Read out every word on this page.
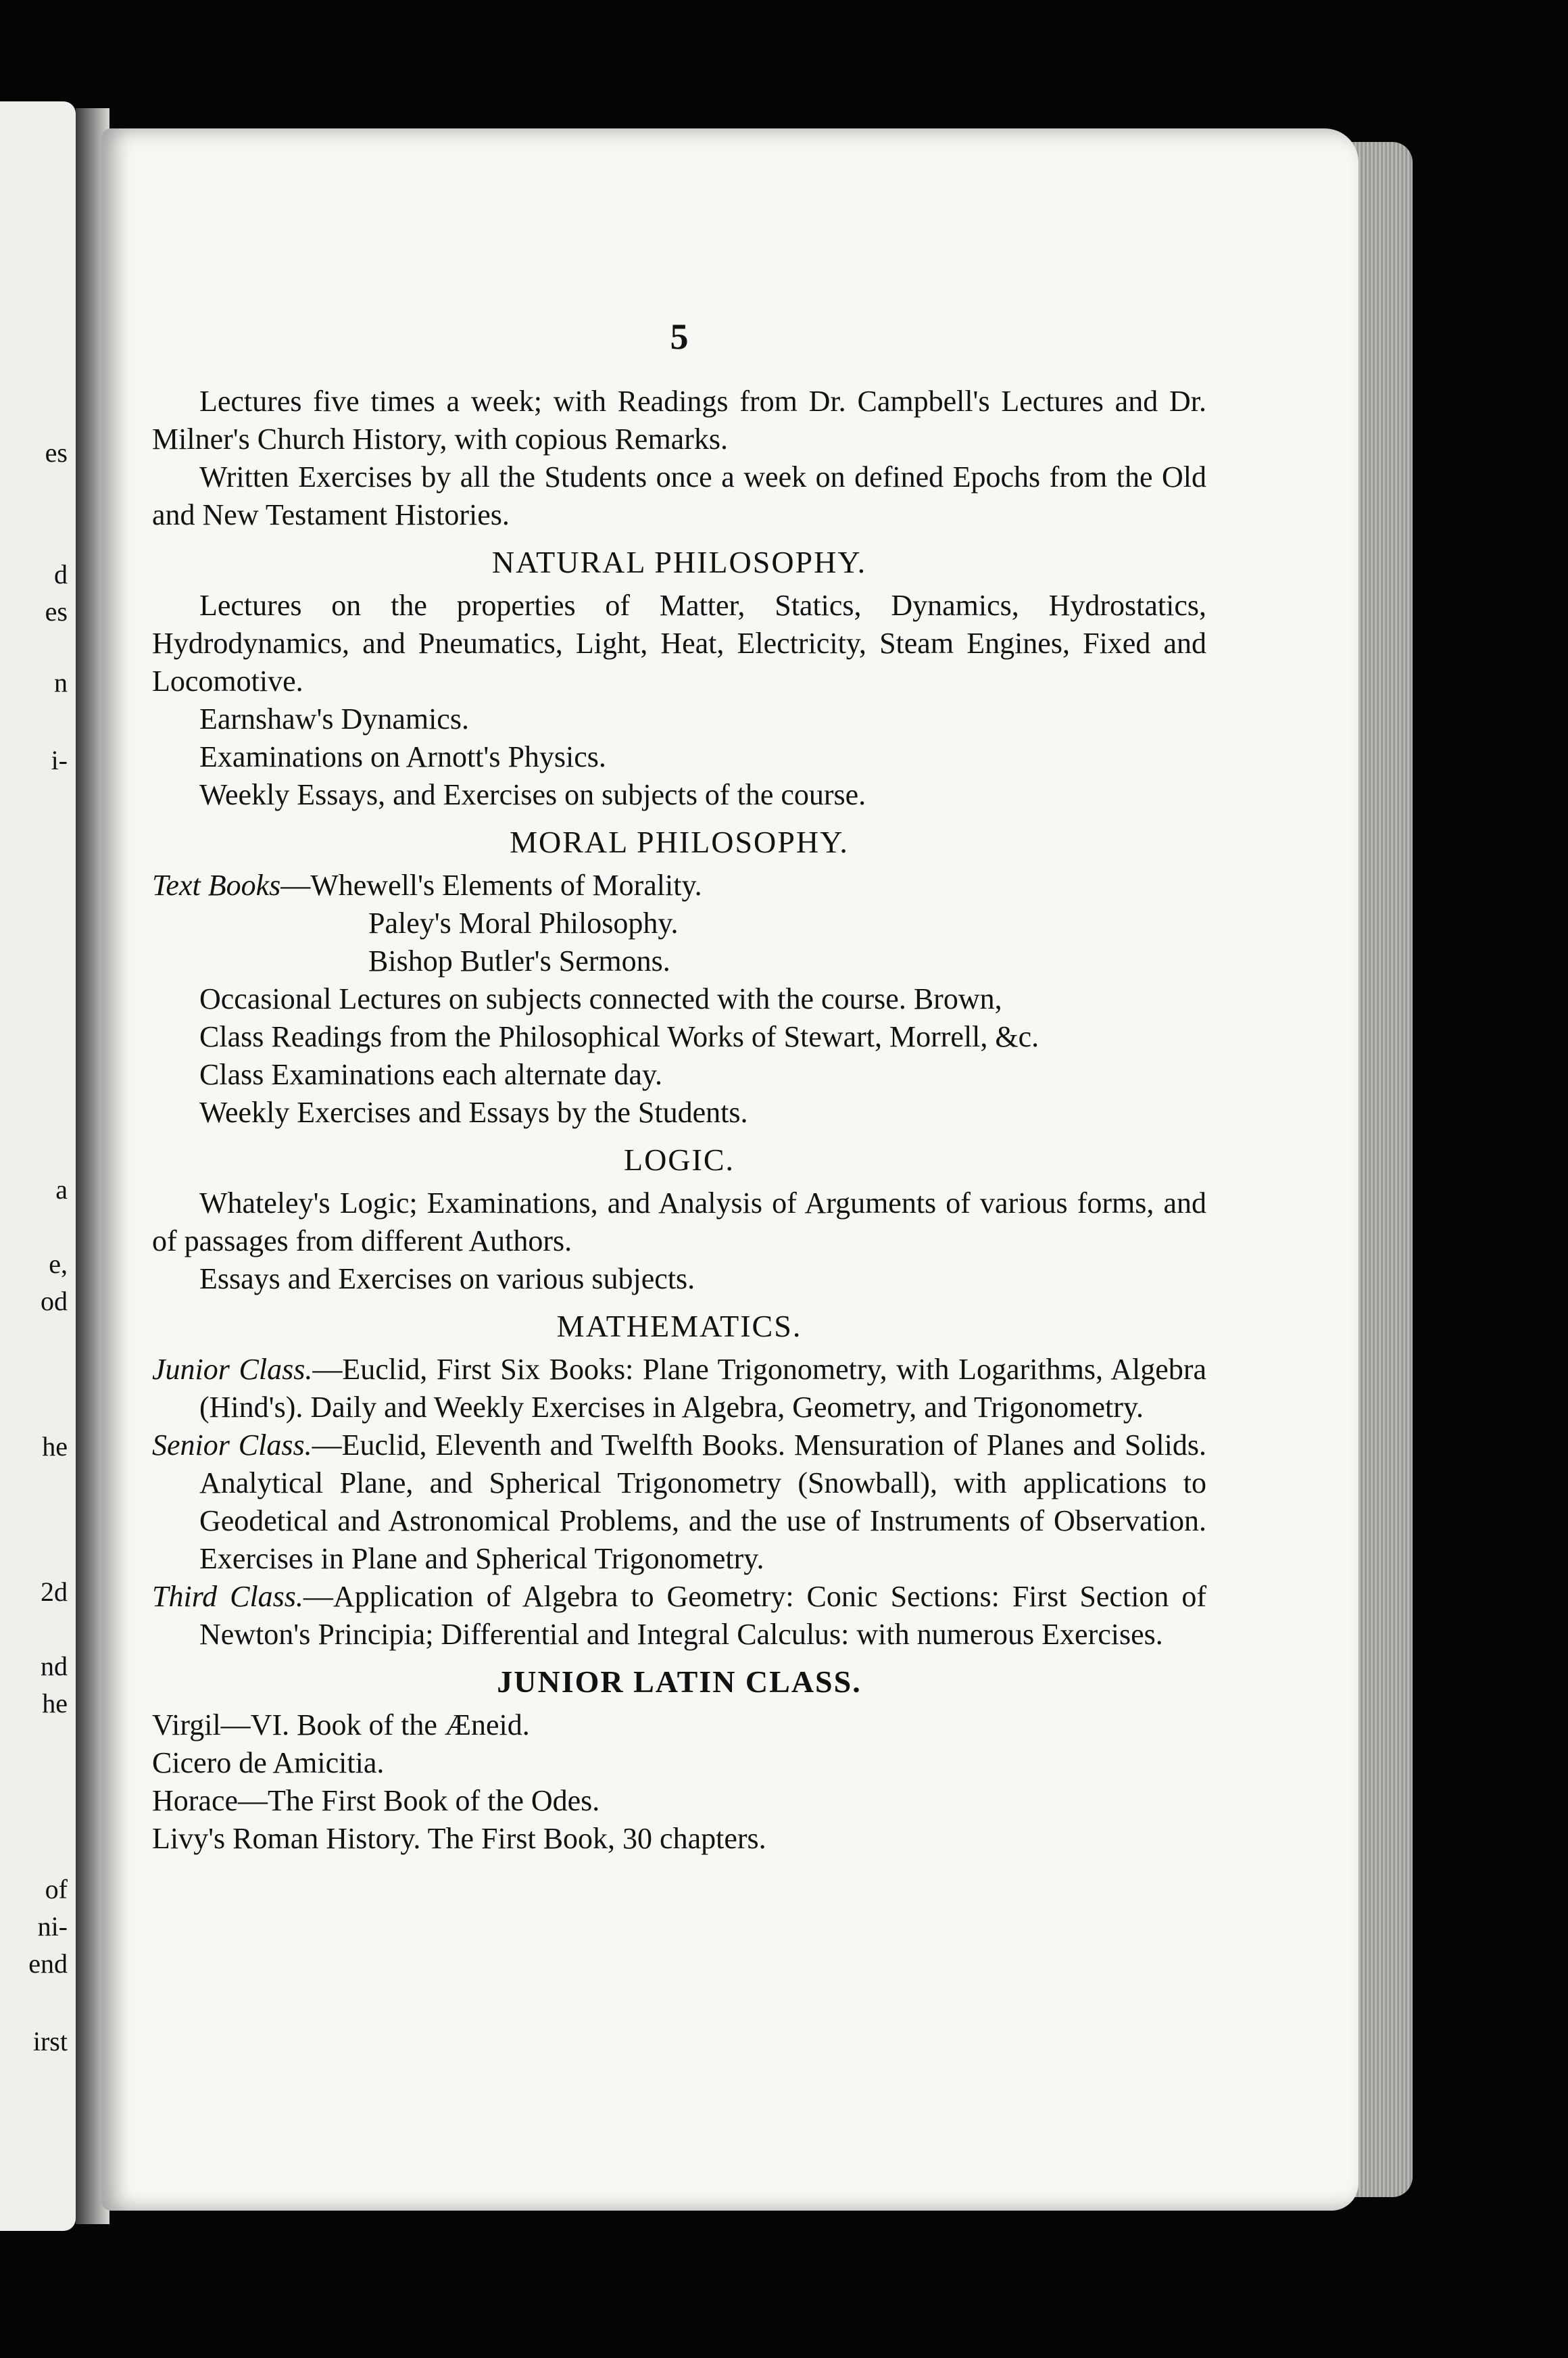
es
d
es
n
i-
a
e,
od
he
2d
nd
he
of
ni-
end
irst
5

Lectures five times a week; with Readings from Dr. Campbell's Lectures and Dr. Milner's Church History, with copious Remarks.

Written Exercises by all the Students once a week on defined Epochs from the Old and New Testament Histories.

NATURAL PHILOSOPHY.

Lectures on the properties of Matter, Statics, Dynamics, Hydrostatics, Hydrodynamics, and Pneumatics, Light, Heat, Electricity, Steam Engines, Fixed and Locomotive.

Earnshaw's Dynamics.

Examinations on Arnott's Physics.

Weekly Essays, and Exercises on subjects of the course.

MORAL PHILOSOPHY.

Text Books—Whewell's Elements of Morality.

Paley's Moral Philosophy.

Bishop Butler's Sermons.

Occasional Lectures on subjects connected with the course. Brown,

Class Readings from the Philosophical Works of Stewart, Morrell, &c.

Class Examinations each alternate day.

Weekly Exercises and Essays by the Students.

LOGIC.

Whateley's Logic; Examinations, and Analysis of Arguments of various forms, and of passages from different Authors.

Essays and Exercises on various subjects.

MATHEMATICS.

Junior Class.—Euclid, First Six Books: Plane Trigonometry, with Logarithms, Algebra (Hind's). Daily and Weekly Exercises in Algebra, Geometry, and Trigonometry.

Senior Class.—Euclid, Eleventh and Twelfth Books. Mensuration of Planes and Solids. Analytical Plane, and Spherical Trigonometry (Snowball), with applications to Geodetical and Astronomical Problems, and the use of Instruments of Observation. Exercises in Plane and Spherical Trigonometry.

Third Class.—Application of Algebra to Geometry: Conic Sections: First Section of Newton's Principia; Differential and Integral Calculus: with numerous Exercises.

JUNIOR LATIN CLASS.

Virgil—VI. Book of the Æneid.

Cicero de Amicitia.

Horace—The First Book of the Odes.

Livy's Roman History. The First Book, 30 chapters.
